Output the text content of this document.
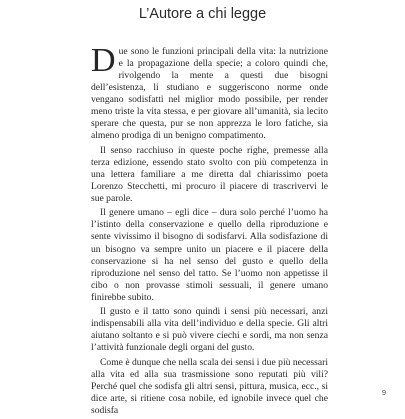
L’Autore a chi legge

Due sono le funzioni principali della vita: la nutrizione e la propagazione della specie; a coloro quindi che, rivolgendo la mente a questi due bisogni dell’esistenza, li studiano e suggeriscono norme onde vengano sodisfatti nel miglior modo possibile, per render meno triste la vita stessa, e per giovare all’umanità, sia lecito sperare che questa, pur se non apprezza le loro fatiche, sia almeno prodiga di un benigno compatimento.

Il senso racchiuso in queste poche righe, premesse alla terza edizione, essendo stato svolto con più competenza in una lettera familiare a me diretta dal chiarissimo poeta Lorenzo Stecchetti, mi procuro il piacere di trascrivervi le sue parole.

Il genere umano – egli dice – dura solo perché l’uomo ha l’istinto della conservazione e quello della riproduzione e sente vivissimo il bisogno di sodisfarvi. Alla sodisfazione di un bisogno va sempre unito un piacere e il piacere della conservazione si ha nel senso del gusto e quello della riproduzione nel senso del tatto. Se l’uomo non appetisse il cibo o non provasse stimoli sessuali, il genere umano finirebbe subito.

Il gusto e il tatto sono quindi i sensi più necessari, anzi indispensabili alla vita dell’individuo e della specie. Gli altri aiutano soltanto e si può vivere ciechi e sordi, ma non senza l’attività funzionale degli organi del gusto.

Come è dunque che nella scala dei sensi i due più necessari alla vita ed alla sua trasmissione sono reputati più vili? Perché quel che sodisfa gli altri sensi, pittura, musica, ecc., si dice arte, si ritiene cosa nobile, ed ignobile invece quel che sodisfa

9
